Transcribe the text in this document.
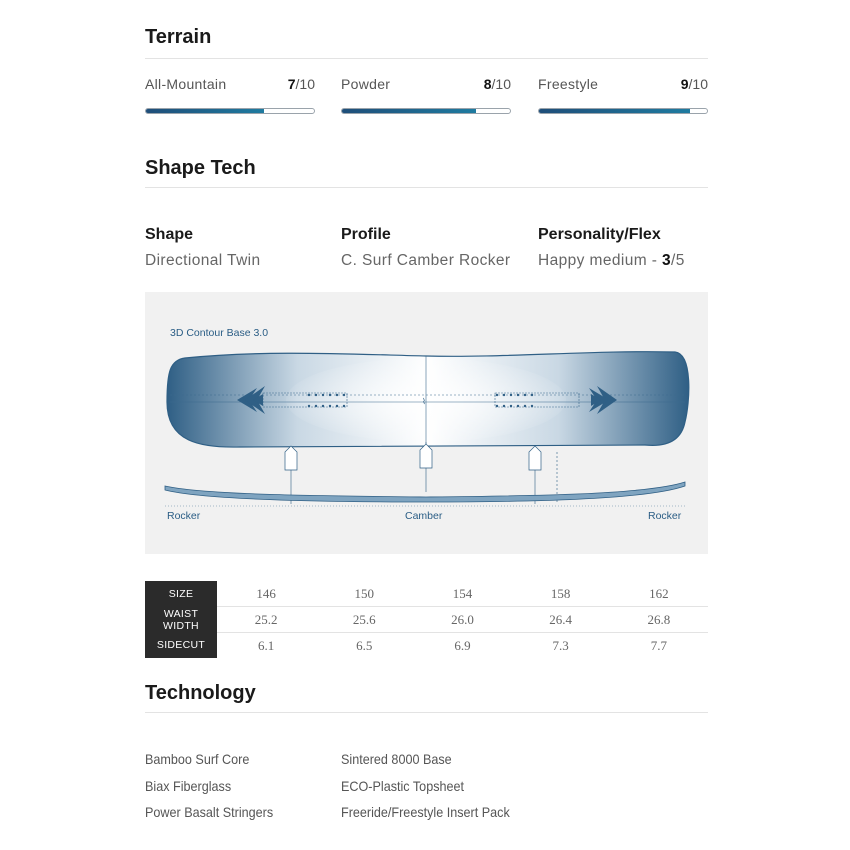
Terrain
All-Mountain	7/10 Powder	8/10 Freestyle	9/10
Shape Tech
Shape
Directional Twin
Profile
C. Surf Camber Rocker
Personality/Flex
Happy medium - 3/5
3D Contour Base 3.0
⌇
Rocker	Camber	Rocker
SIZE	146	150	154	158	162
WAIST WIDTH	25.2	25.6	26.0	26.4	26.8
SIDECUT	6.1	6.5	6.9	7.3	7.7
Technology
Bamboo Surf Core
Biax Fiberglass
Power Basalt Stringers
Sintered 8000 Base
ECO-Plastic Topsheet
Freeride/Freestyle Insert Pack
